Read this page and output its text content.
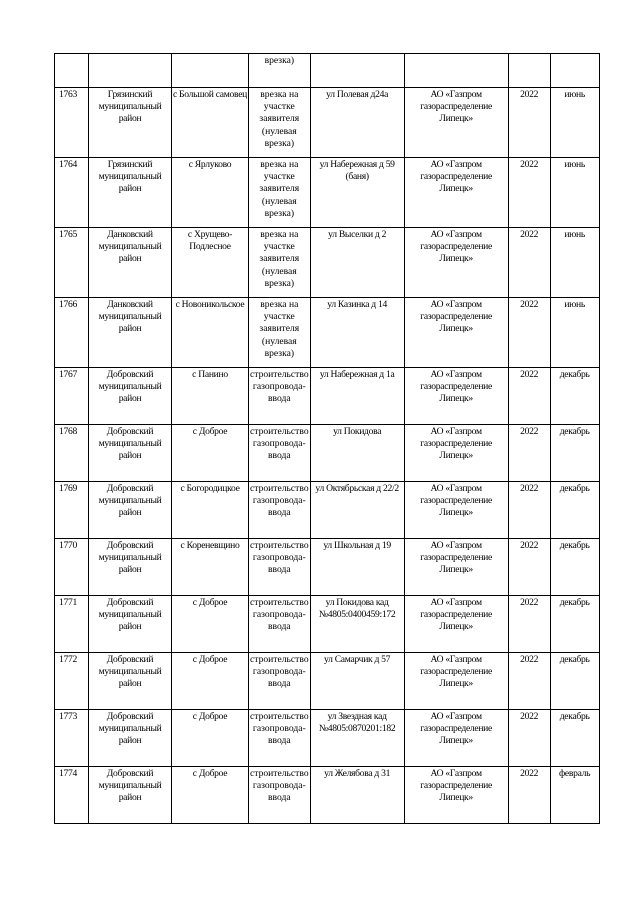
			врезка)				
1763	Грязинский муниципальный район	с Большой самовец	врезка на участке заявителя (нулевая врезка)	ул Полевая д24а	АО «Газпром газораспределение Липецк»	2022	июнь
1764	Грязинский муниципальный район	с Ярлуково	врезка на участке заявителя (нулевая врезка)	ул Набережная д 59 (баня)	АО «Газпром газораспределение Липецк»	2022	июнь
1765	Данковский муниципальный район	с Хрущево-Подлесное	врезка на участке заявителя (нулевая врезка)	ул Выселки д 2	АО «Газпром газораспределение Липецк»	2022	июнь
1766	Данковский муниципальный район	с Новоникольское	врезка на участке заявителя (нулевая врезка)	ул Казинка д 14	АО «Газпром газораспределение Липецк»	2022	июнь
1767	Добровский муниципальный район	с Панино	строительство газопровода-ввода	ул Набережная д 1а	АО «Газпром газораспределение Липецк»	2022	декабрь
1768	Добровский муниципальный район	с Доброе	строительство газопровода-ввода	ул Покидова	АО «Газпром газораспределение Липецк»	2022	декабрь
1769	Добровский муниципальный район	с Богородицкое	строительство газопровода-ввода	ул Октябрьская д 22/2	АО «Газпром газораспределение Липецк»	2022	декабрь
1770	Добровский муниципальный район	с Кореневщино	строительство газопровода-ввода	ул Школьная д 19	АО «Газпром газораспределение Липецк»	2022	декабрь
1771	Добровский муниципальный район	с Доброе	строительство газопровода-ввода	ул Покидова кад №4805:0400459:172	АО «Газпром газораспределение Липецк»	2022	декабрь
1772	Добровский муниципальный район	с Доброе	строительство газопровода-ввода	ул Самарчик д 57	АО «Газпром газораспределение Липецк»	2022	декабрь
1773	Добровский муниципальный район	с Доброе	строительство газопровода-ввода	ул Звездная кад №4805:0870201:182	АО «Газпром газораспределение Липецк»	2022	декабрь
1774	Добровский муниципальный район	с Доброе	строительство газопровода-ввода	ул Желябова д 31	АО «Газпром газораспределение Липецк»	2022	февраль
